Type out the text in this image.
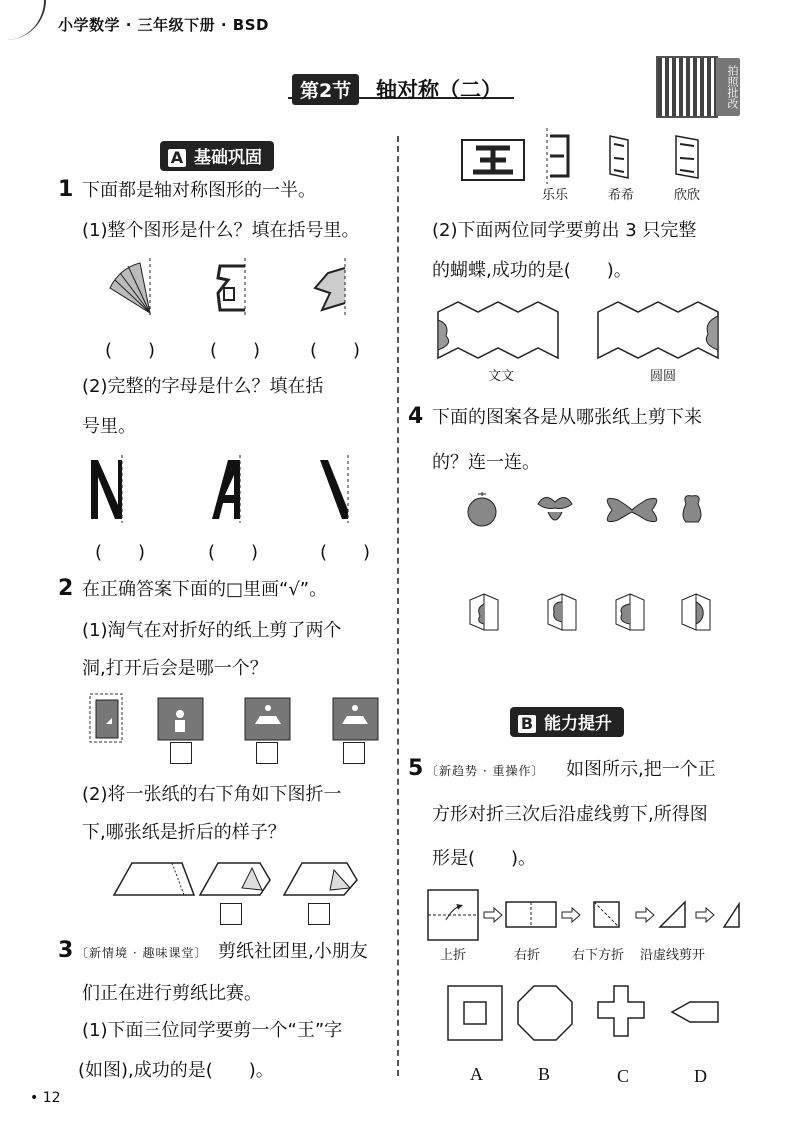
小学数学 · 三年级下册 · BSD
第2节	轴对称（二）	拍照批改
A 基础巩固
1 下面都是轴对称图形的一半。
(1)整个图形是什么？填在括号里。
(　　)	(　　)	(　　)
(2)完整的字母是什么？填在括
号里。
(　　)	(　　)	(　　)
2 在正确答案下面的□里画“√”。
(1)淘气在对折好的纸上剪了两个
洞,打开后会是哪一个？
(2)将一张纸的右下角如下图折一
下,哪张纸是折后的样子？
3 〔新情境 · 趣味课堂〕 剪纸社团里,小朋友
们正在进行剪纸比赛。
(1)下面三位同学要剪一个“王”字
(如图),成功的是(　　)。
乐乐	希希	欣欣
(2)下面两位同学要剪出 3 只完整
的蝴蝶,成功的是(　　)。
文文	圆圆
4 下面的图案各是从哪张纸上剪下来
的？连一连。
B 能力提升
5 〔新趋势 · 重操作〕 如图所示,把一个正
方形对折三次后沿虚线剪下,所得图
形是(　　)。
上折	右折 右下方折 沿虚线剪开
A	B	C	D
• 12
